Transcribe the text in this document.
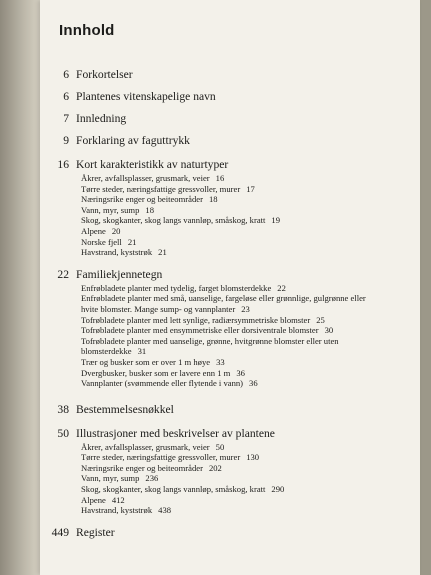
Innhold
6 Forkortelser
6 Plantenes vitenskapelige navn
7 Innledning
9 Forklaring av faguttrykk
16 Kort karakteristikk av naturtyper
Åkrer, avfallsplasser, grusmark, veier 16
Tørre steder, næringsfattige gressvoller, murer 17
Næringsrike enger og beiteområder 18
Vann, myr, sump 18
Skog, skogkanter, skog langs vannløp, småskog, kratt 19
Alpene 20
Norske fjell 21
Havstrand, kyststrøk 21
22 Familiekjennetegn
Enfrøbladete planter med tydelig, farget blomsterdekke 22
Enfrøbladete planter med små, uanselige, fargeløse eller grønnlige, gulgrønne eller
hvite blomster. Mange sump- og vannplanter 23
Tofrøbladete planter med lett synlige, radiærsymmetriske blomster 25
Tofrøbladete planter med ensymmetriske eller dorsiventrale blomster 30
Tofrøbladete planter med uanselige, grønne, hvitgrønne blomster eller uten
blomsterdekke 31
Trær og busker som er over 1 m høye 33
Dvergbusker, busker som er lavere enn 1 m 36
Vannplanter (svømmende eller flytende i vann) 36
38 Bestemmelsesnøkkel
50 Illustrasjoner med beskrivelser av plantene
Åkrer, avfallsplasser, grusmark, veier 50
Tørre steder, næringsfattige gressvoller, murer 130
Næringsrike enger og beiteområder 202
Vann, myr, sump 236
Skog, skogkanter, skog langs vannløp, småskog, kratt 290
Alpene 412
Havstrand, kyststrøk 438
449 Register
